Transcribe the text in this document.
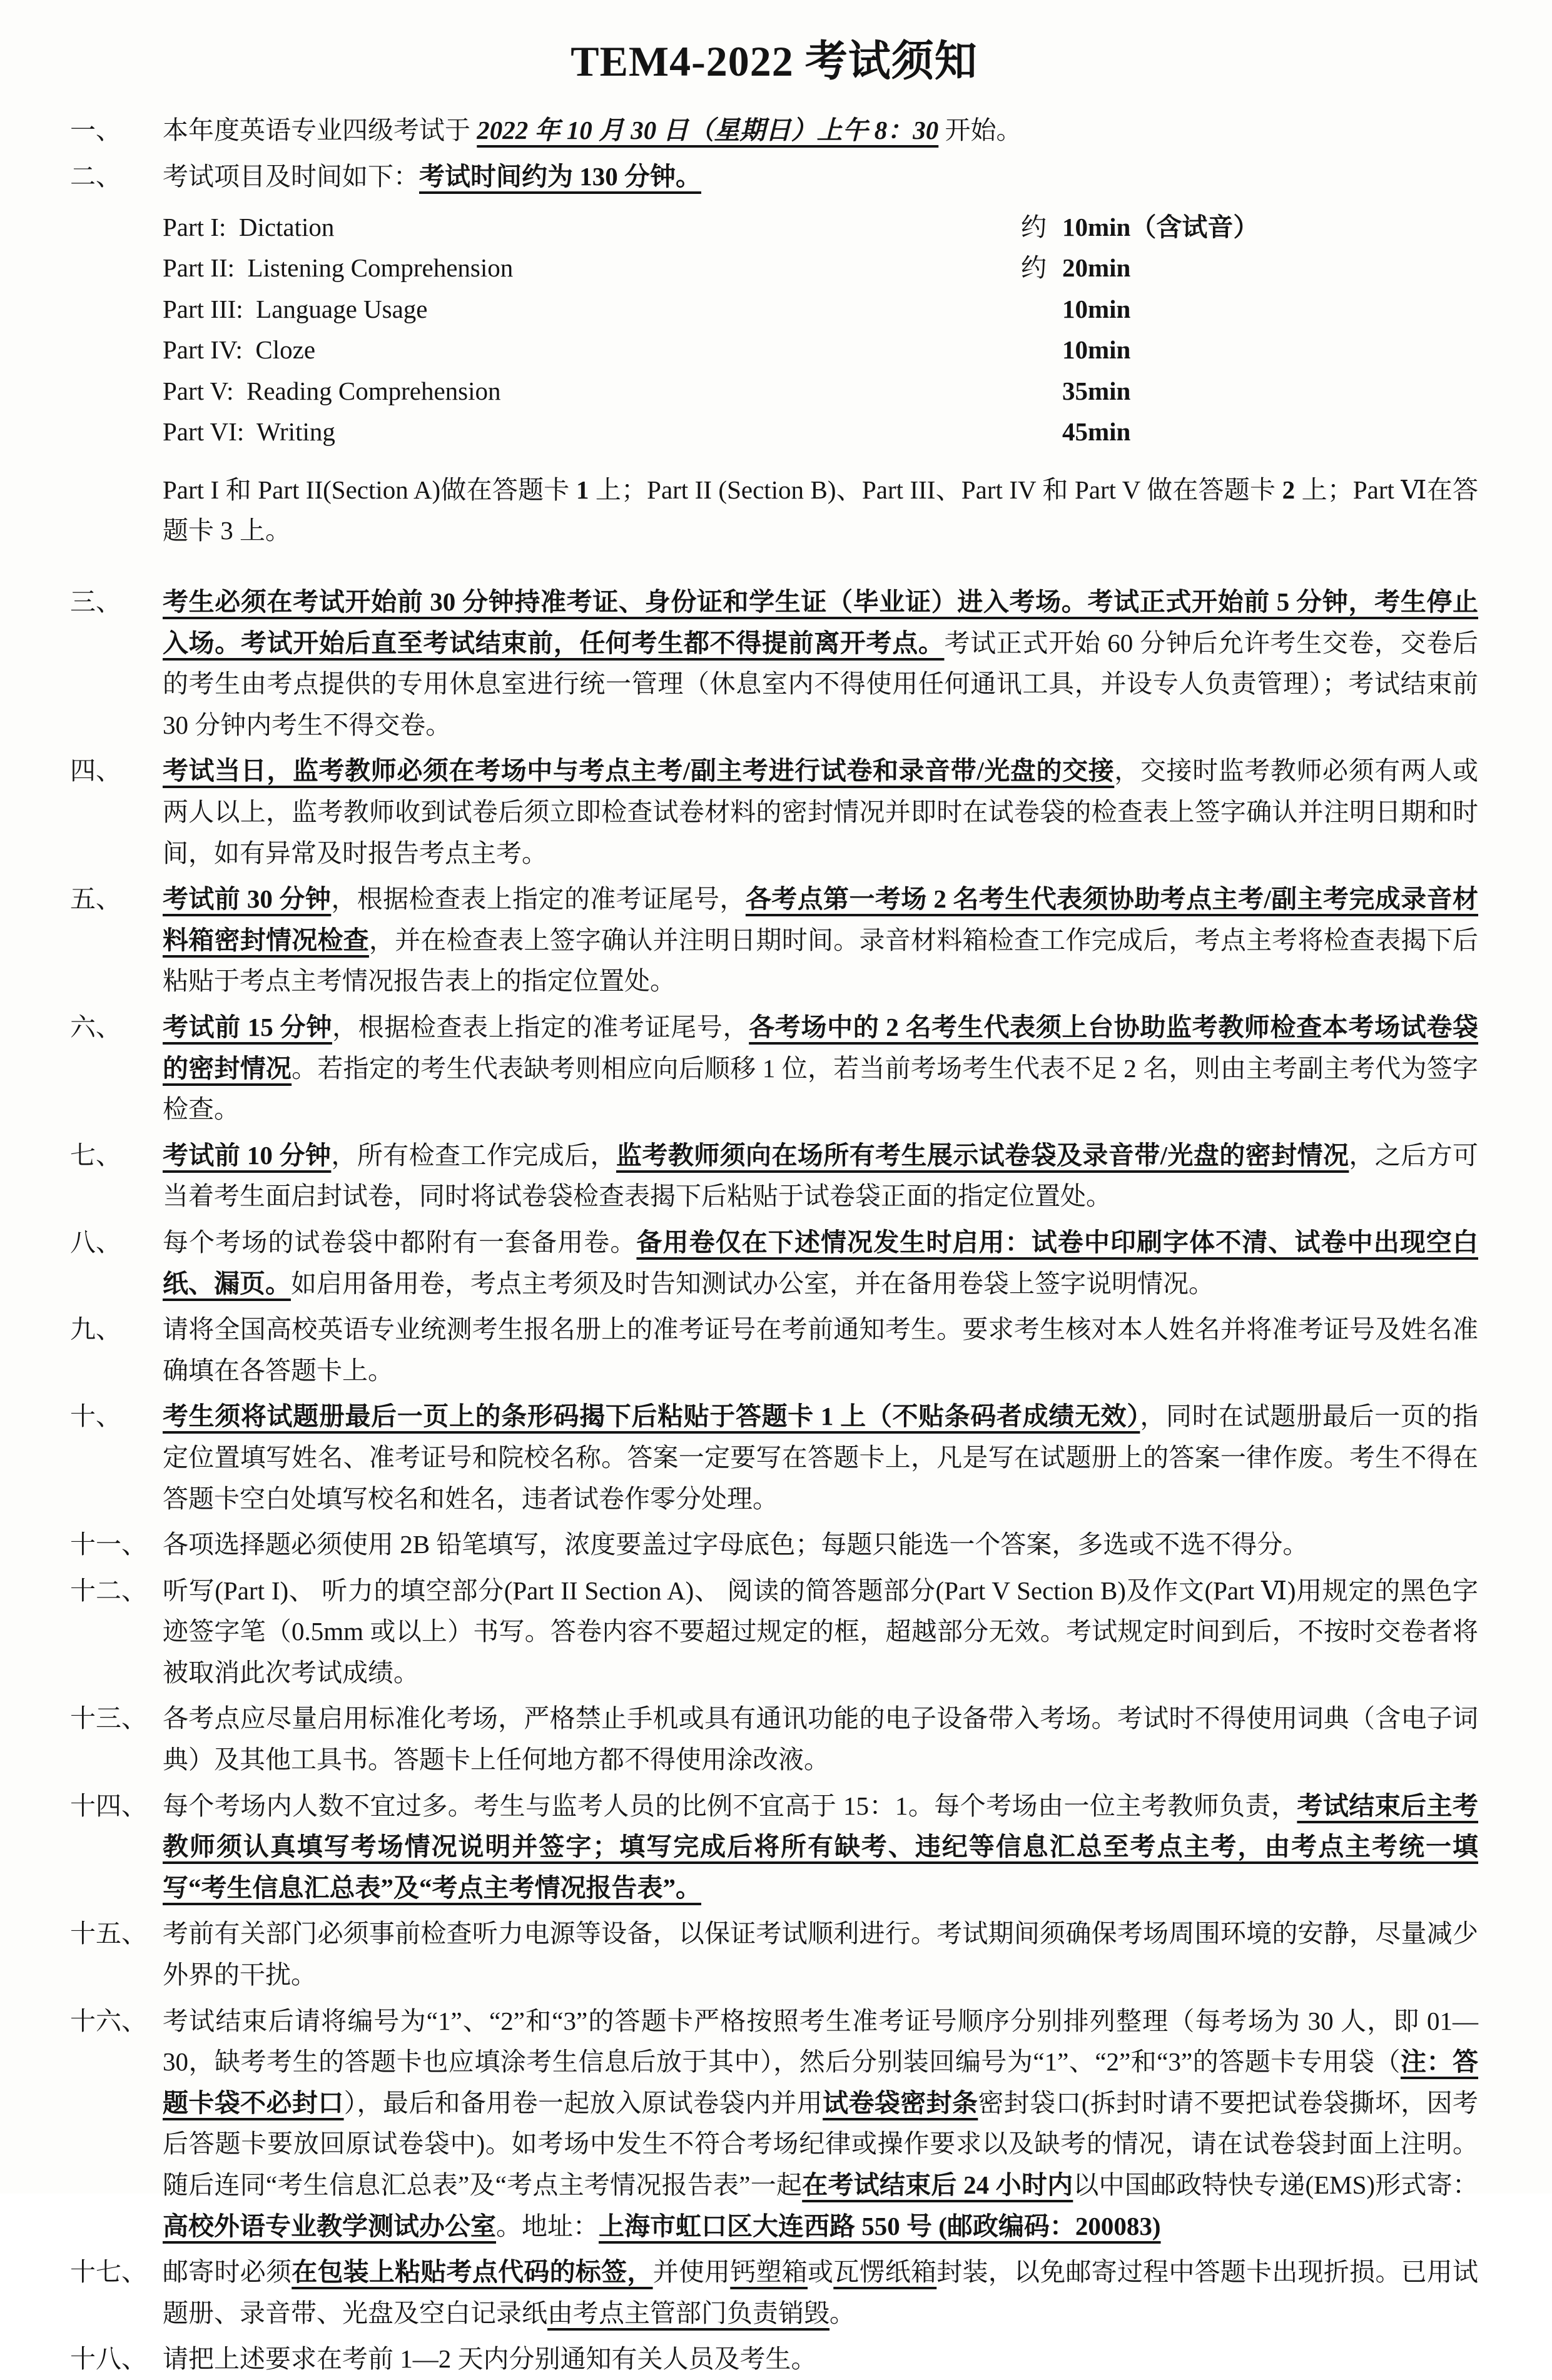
TEM4-2022 考试须知
一、	本年度英语专业四级考试于 2022 年 10 月 30 日（星期日）上午 8：30 开始。
二、	考试项目及时间如下：考试时间约为 130 分钟。
Part I:  Dictation	约 10min（含试音）
Part II:  Listening Comprehension	约 20min
Part III:  Language Usage	10min
Part IV:  Cloze	10min
Part V:  Reading Comprehension	35min
Part VI:  Writing	45min
Part I 和 Part II(Section A)做在答题卡 1 上；Part II (Section B)、Part III、Part IV 和 Part V 做在答题卡 2 上；Part Ⅵ在答题卡 3 上。
三、	考生必须在考试开始前 30 分钟持准考证、身份证和学生证（毕业证）进入考场。考试正式开始前 5 分钟，考生停止入场。考试开始后直至考试结束前，任何考生都不得提前离开考点。考试正式开始 60 分钟后允许考生交卷，交卷后的考生由考点提供的专用休息室进行统一管理（休息室内不得使用任何通讯工具，并设专人负责管理）；考试结束前 30 分钟内考生不得交卷。
四、	考试当日，监考教师必须在考场中与考点主考/副主考进行试卷和录音带/光盘的交接，交接时监考教师必须有两人或两人以上，监考教师收到试卷后须立即检查试卷材料的密封情况并即时在试卷袋的检查表上签字确认并注明日期和时间，如有异常及时报告考点主考。
五、	考试前 30 分钟，根据检查表上指定的准考证尾号，各考点第一考场 2 名考生代表须协助考点主考/副主考完成录音材料箱密封情况检查，并在检查表上签字确认并注明日期时间。录音材料箱检查工作完成后，考点主考将检查表揭下后粘贴于考点主考情况报告表上的指定位置处。
六、	考试前 15 分钟，根据检查表上指定的准考证尾号，各考场中的 2 名考生代表须上台协助监考教师检查本考场试卷袋的密封情况。若指定的考生代表缺考则相应向后顺移 1 位，若当前考场考生代表不足 2 名，则由主考副主考代为签字检查。
七、	考试前 10 分钟，所有检查工作完成后，监考教师须向在场所有考生展示试卷袋及录音带/光盘的密封情况，之后方可当着考生面启封试卷，同时将试卷袋检查表揭下后粘贴于试卷袋正面的指定位置处。
八、	每个考场的试卷袋中都附有一套备用卷。备用卷仅在下述情况发生时启用：试卷中印刷字体不清、试卷中出现空白纸、漏页。如启用备用卷，考点主考须及时告知测试办公室，并在备用卷袋上签字说明情况。
九、	请将全国高校英语专业统测考生报名册上的准考证号在考前通知考生。要求考生核对本人姓名并将准考证号及姓名准确填在各答题卡上。
十、	考生须将试题册最后一页上的条形码揭下后粘贴于答题卡 1 上（不贴条码者成绩无效），同时在试题册最后一页的指定位置填写姓名、准考证号和院校名称。答案一定要写在答题卡上，凡是写在试题册上的答案一律作废。考生不得在答题卡空白处填写校名和姓名，违者试卷作零分处理。
十一、 各项选择题必须使用 2B 铅笔填写，浓度要盖过字母底色；每题只能选一个答案，多选或不选不得分。
十二、 听写(Part I)、 听力的填空部分(Part II Section A)、 阅读的简答题部分(Part V Section B)及作文(Part Ⅵ)用规定的黑色字迹签字笔（0.5mm 或以上）书写。答卷内容不要超过规定的框，超越部分无效。考试规定时间到后，不按时交卷者将被取消此次考试成绩。
十三、 各考点应尽量启用标准化考场，严格禁止手机或具有通讯功能的电子设备带入考场。考试时不得使用词典（含电子词典）及其他工具书。答题卡上任何地方都不得使用涂改液。
十四、 每个考场内人数不宜过多。考生与监考人员的比例不宜高于 15：1。每个考场由一位主考教师负责，考试结束后主考教师须认真填写考场情况说明并签字；填写完成后将所有缺考、违纪等信息汇总至考点主考，由考点主考统一填写“考生信息汇总表”及“考点主考情况报告表”。
十五、 考前有关部门必须事前检查听力电源等设备，以保证考试顺利进行。考试期间须确保考场周围环境的安静，尽量减少外界的干扰。
十六、 考试结束后请将编号为“1”、“2”和“3”的答题卡严格按照考生准考证号顺序分别排列整理（每考场为 30 人，即 01—30，缺考考生的答题卡也应填涂考生信息后放于其中），然后分别装回编号为“1”、“2”和“3”的答题卡专用袋（注：答题卡袋不必封口），最后和备用卷一起放入原试卷袋内并用试卷袋密封条密封袋口(拆封时请不要把试卷袋撕坏，因考后答题卡要放回原试卷袋中)。如考场中发生不符合考场纪律或操作要求以及缺考的情况，请在试卷袋封面上注明。随后连同“考生信息汇总表”及“考点主考情况报告表”一起在考试结束后 24 小时内以中国邮政特快专递(EMS)形式寄：高校外语专业教学测试办公室。地址：上海市虹口区大连西路 550 号 (邮政编码：200083)
十七、 邮寄时必须在包装上粘贴考点代码的标签，并使用钙塑箱或瓦愣纸箱封装，以免邮寄过程中答题卡出现折损。已用试题册、录音带、光盘及空白记录纸由考点主管部门负责销毁。
十八、 请把上述要求在考前 1—2 天内分别通知有关人员及考生。
